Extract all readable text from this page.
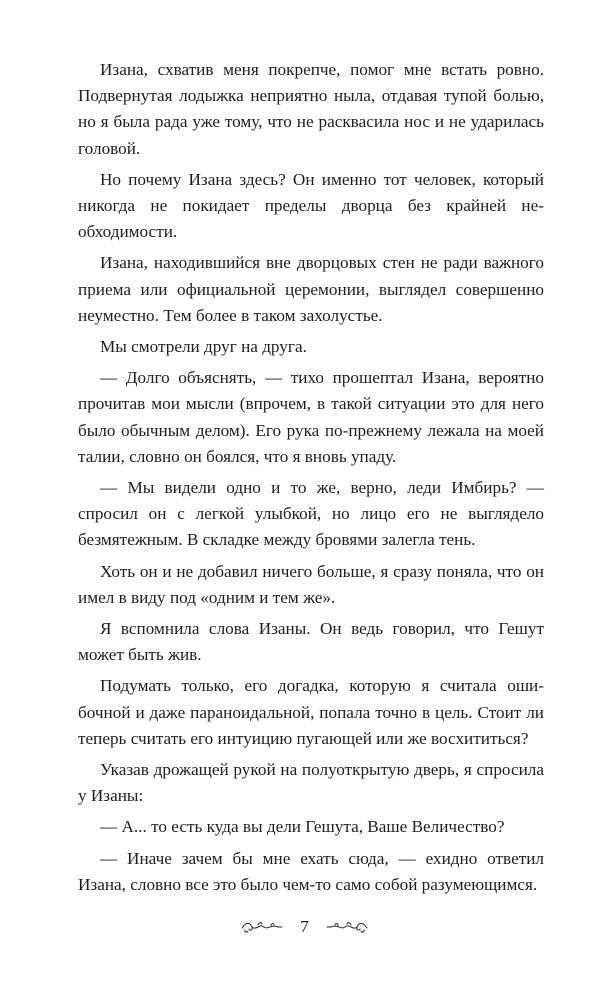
Изана, схватив меня покрепче, помог мне встать ровно. Подвернутая лодыжка неприятно ныла, отдавая тупой болью, но я была рада уже тому, что не расквасила нос и не ударилась головой.

Но почему Изана здесь? Он именно тот человек, который никогда не покидает пределы дворца без крайней необходимости.

Изана, находившийся вне дворцовых стен не ради важного приема или официальной церемонии, выглядел совершенно неуместно. Тем более в таком захолустье.

Мы смотрели друг на друга.

— Долго объяснять, — тихо прошептал Изана, вероятно прочитав мои мысли (впрочем, в такой ситуации это для него было обычным делом). Его рука по-прежнему лежала на моей талии, словно он боялся, что я вновь упаду.

— Мы видели одно и то же, верно, леди Имбирь? — спросил он с легкой улыбкой, но лицо его не выглядело безмятежным. В складке между бровями залегла тень.

Хоть он и не добавил ничего больше, я сразу поняла, что он имел в виду под «одним и тем же».

Я вспомнила слова Изаны. Он ведь говорил, что Гешут может быть жив.

Подумать только, его догадка, которую я считала ошибочной и даже параноидальной, попала точно в цель. Стоит ли теперь считать его интуицию пугающей или же восхититься?

Указав дрожащей рукой на полуоткрытую дверь, я спросила у Изаны:

— А... то есть куда вы дели Гешута, Ваше Величество?

— Иначе зачем бы мне ехать сюда, — ехидно ответил Изана, словно все это было чем-то само собой разумеющимся.

7
